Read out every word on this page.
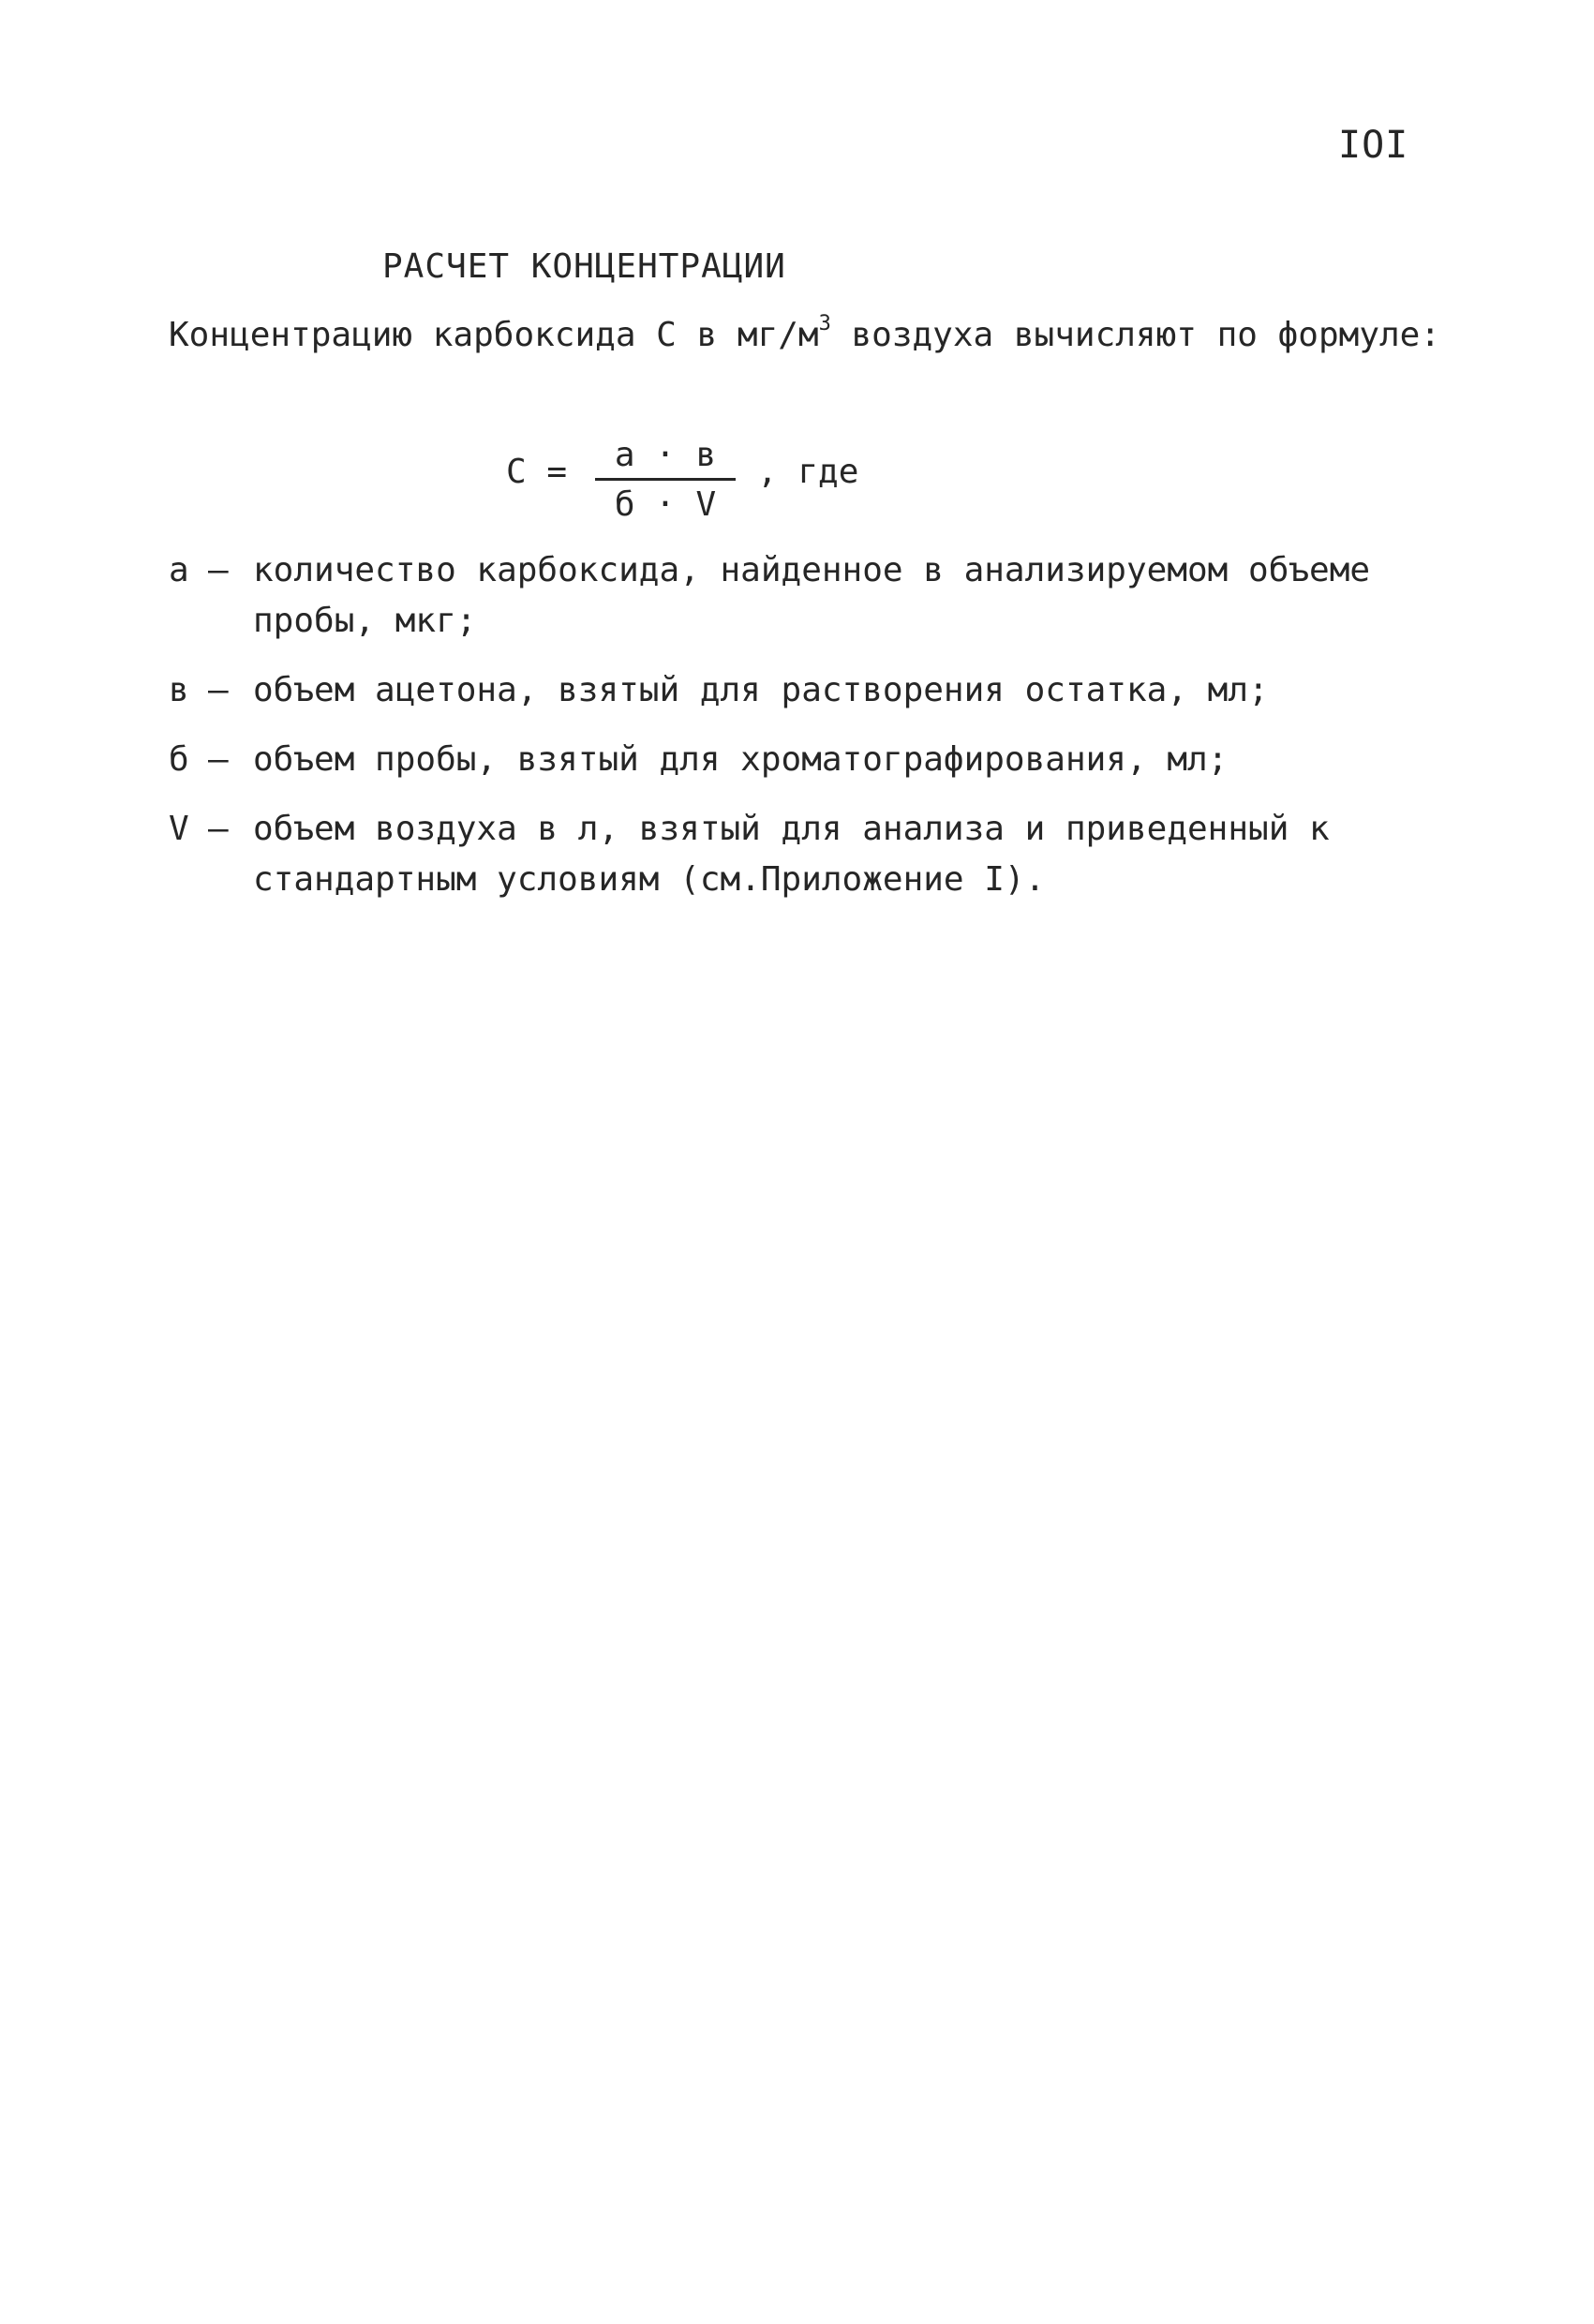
IOI
РАСЧЕТ КОНЦЕНТРАЦИИ
Концентрацию карбоксида С в $мг/м^3$ воздуха вычисляют по формуле:
С =	а · в
б · V
, где
а – количество карбоксида, найденное в анализируемом объеме пробы, мкг;
в – объем ацетона, взятый для растворения остатка, мл;
б – объем пробы, взятый для хроматографирования, мл;
V – объем воздуха в л, взятый для анализа и приведенный к стандартным условиям (см.Приложение I).
